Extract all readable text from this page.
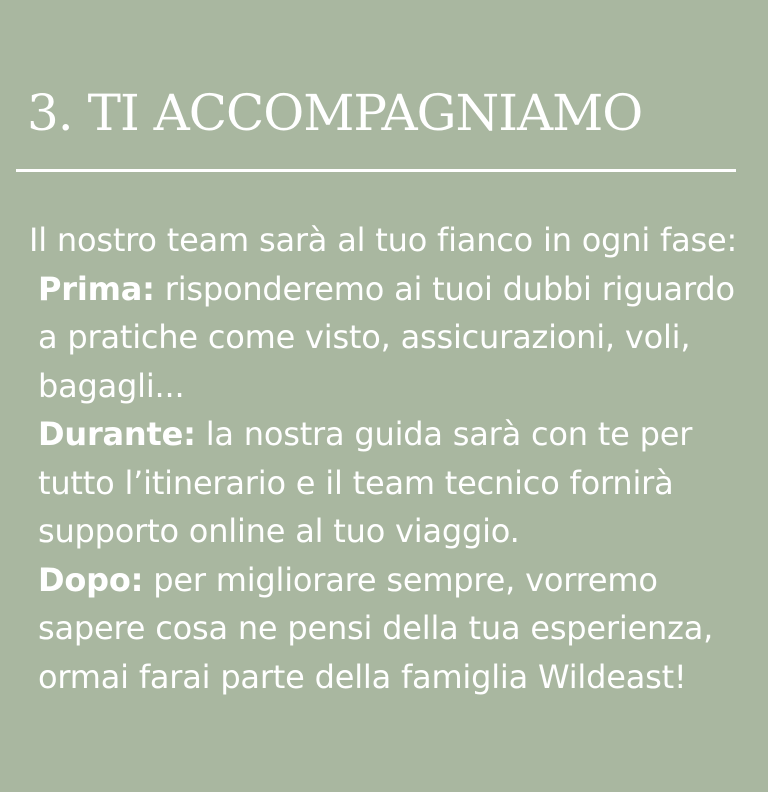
3. TI ACCOMPAGNIAMO

Il nostro team sarà al tuo fianco in ogni fase:

Prima: risponderemo ai tuoi dubbi riguardo a pratiche come visto, assicurazioni, voli, bagagli...

Durante: la nostra guida sarà con te per tutto l’itinerario e il team tecnico fornirà supporto online al tuo viaggio.

Dopo: per migliorare sempre, vorremo sapere cosa ne pensi della tua esperienza, ormai farai parte della famiglia Wildeast!
